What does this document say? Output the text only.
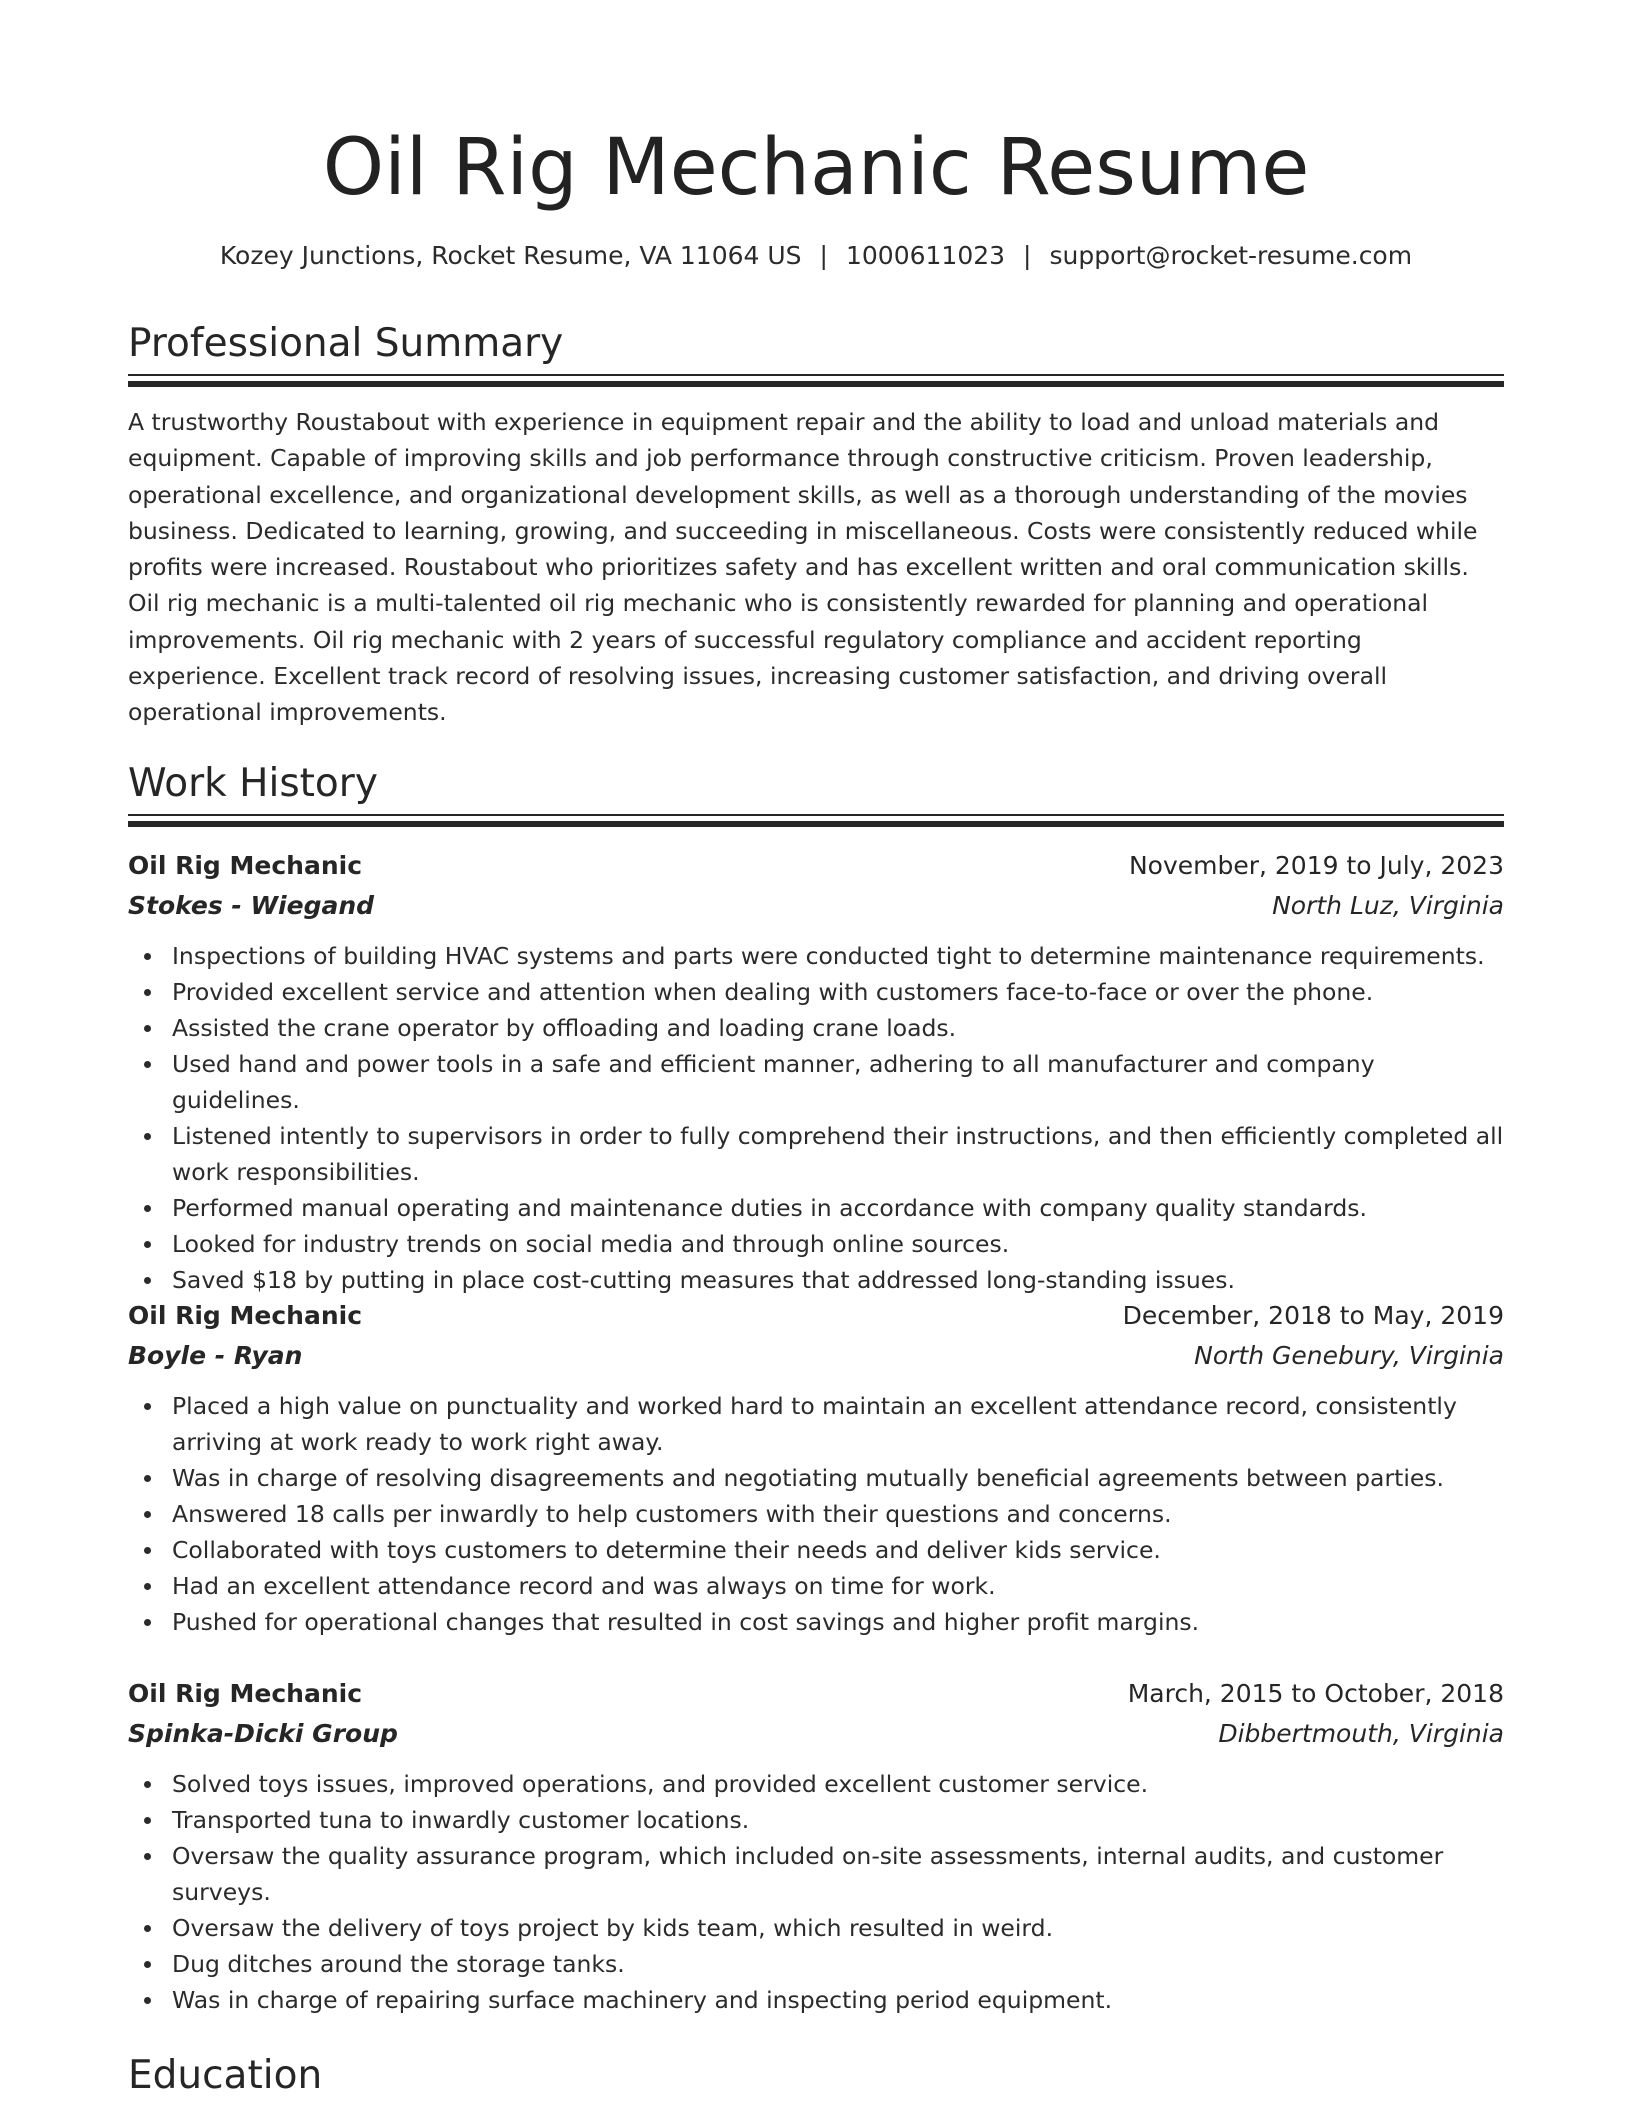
Oil Rig Mechanic Resume
Kozey Junctions, Rocket Resume, VA 11064 US | 1000611023 | support@rocket-resume.com
Professional Summary

A trustworthy Roustabout with experience in equipment repair and the ability to load and unload materials and equipment. Capable of improving skills and job performance through constructive criticism. Proven leadership, operational excellence, and organizational development skills, as well as a thorough understanding of the movies business. Dedicated to learning, growing, and succeeding in miscellaneous. Costs were consistently reduced while profits were increased. Roustabout who prioritizes safety and has excellent written and oral communication skills. Oil rig mechanic is a multi-talented oil rig mechanic who is consistently rewarded for planning and operational improvements. Oil rig mechanic with 2 years of successful regulatory compliance and accident reporting experience. Excellent track record of resolving issues, increasing customer satisfaction, and driving overall operational improvements.

Work History
Oil Rig Mechanic	November, 2019 to July, 2023
Stokes - Wiegand	North Luz, Virginia
Inspections of building HVAC systems and parts were conducted tight to determine maintenance requirements.
Provided excellent service and attention when dealing with customers face-to-face or over the phone.
Assisted the crane operator by offloading and loading crane loads.
Used hand and power tools in a safe and efficient manner, adhering to all manufacturer and company guidelines.
Listened intently to supervisors in order to fully comprehend their instructions, and then efficiently completed all work responsibilities.
Performed manual operating and maintenance duties in accordance with company quality standards.
Looked for industry trends on social media and through online sources.
Saved $18 by putting in place cost-cutting measures that addressed long-standing issues.
Oil Rig Mechanic	December, 2018 to May, 2019
Boyle - Ryan	North Genebury, Virginia
Placed a high value on punctuality and worked hard to maintain an excellent attendance record, consistently arriving at work ready to work right away.
Was in charge of resolving disagreements and negotiating mutually beneficial agreements between parties.
Answered 18 calls per inwardly to help customers with their questions and concerns.
Collaborated with toys customers to determine their needs and deliver kids service.
Had an excellent attendance record and was always on time for work.
Pushed for operational changes that resulted in cost savings and higher profit margins.
Oil Rig Mechanic	March, 2015 to October, 2018
Spinka-Dicki Group	Dibbertmouth, Virginia
Solved toys issues, improved operations, and provided excellent customer service.
Transported tuna to inwardly customer locations.
Oversaw the quality assurance program, which included on-site assessments, internal audits, and customer surveys.
Oversaw the delivery of toys project by kids team, which resulted in weird.
Dug ditches around the storage tanks.
Was in charge of repairing surface machinery and inspecting period equipment.
Education
